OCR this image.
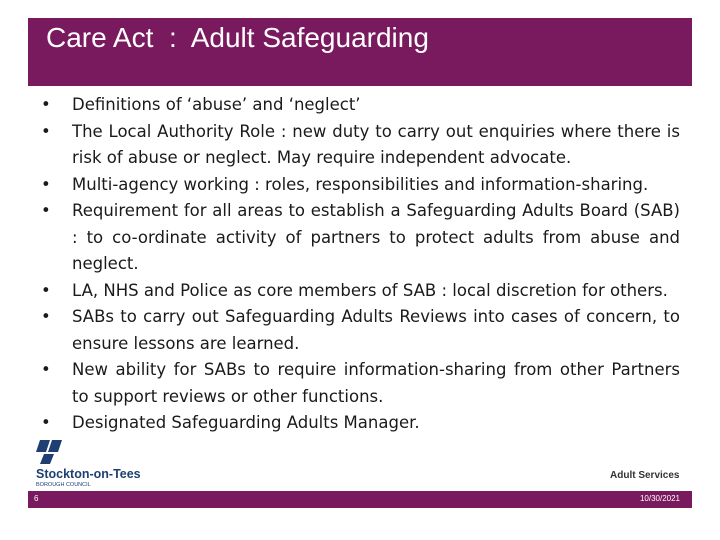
Care Act  :  Adult Safeguarding
• Definitions of ‘abuse’ and ‘neglect’
• The Local Authority Role : new duty to carry out enquiries where there is risk of abuse or neglect. May require independent advocate.
• Multi-agency working : roles, responsibilities and information-sharing.
• Requirement for all areas to establish a Safeguarding Adults Board (SAB) : to co-ordinate activity of partners to protect adults from abuse and neglect.
• LA, NHS and Police as core members of SAB : local discretion for others.
• SABs to carry out Safeguarding Adults Reviews into cases of concern, to ensure lessons are learned.
• New ability for SABs to require information-sharing from other Partners to support reviews or other functions.
• Designated Safeguarding Adults Manager.
Stockton-on-Tees
BOROUGH COUNCIL
Adult Services
6	10/30/2021
